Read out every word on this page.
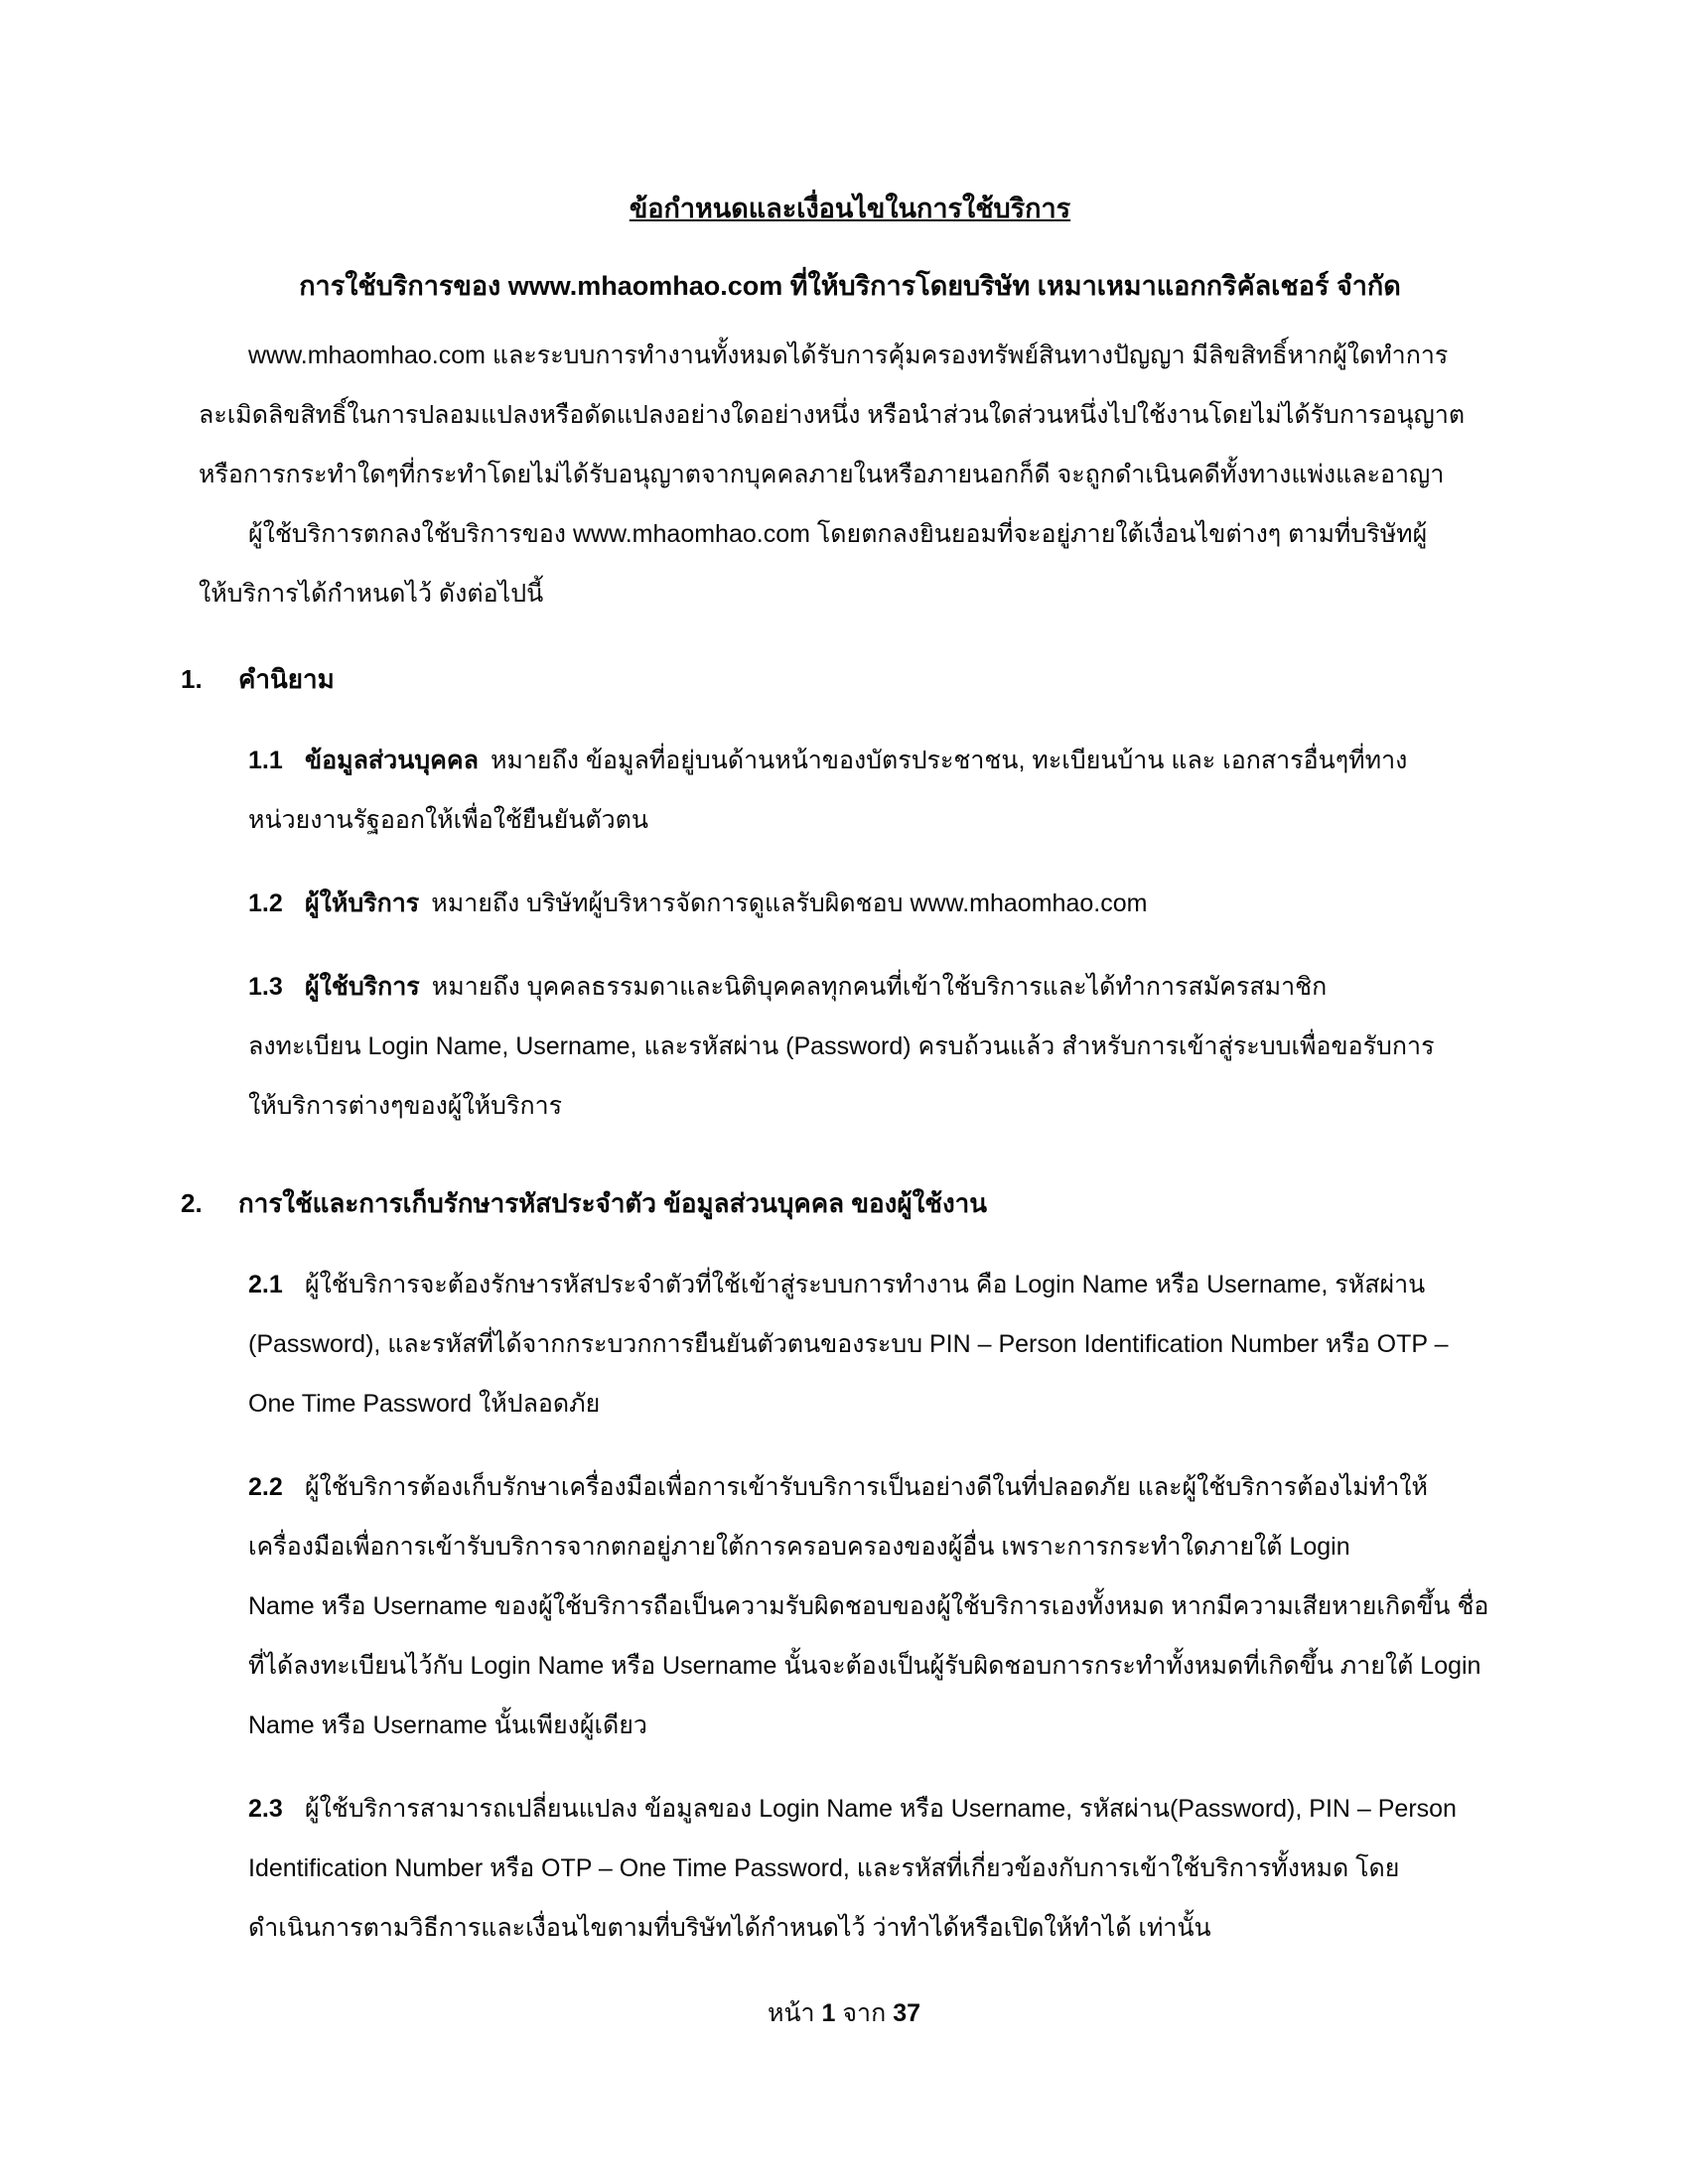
ข้อกำหนดและเงื่อนไขในการใช้บริการ
การใช้บริการของ www.mhaomhao.com ที่ให้บริการโดยบริษัท เหมาเหมาแอกกริคัลเชอร์ จำกัด
www.mhaomhao.com และระบบการทำงานทั้งหมดได้รับการคุ้มครองทรัพย์สินทางปัญญา มีลิขสิทธิ์หากผู้ใดทำการ
ละเมิดลิขสิทธิ์ในการปลอมแปลงหรือดัดแปลงอย่างใดอย่างหนึ่ง หรือนำส่วนใดส่วนหนึ่งไปใช้งานโดยไม่ได้รับการอนุญาต
หรือการกระทำใดๆที่กระทำโดยไม่ได้รับอนุญาตจากบุคคลภายในหรือภายนอกก็ดี จะถูกดำเนินคดีทั้งทางแพ่งและอาญา
ผู้ใช้บริการตกลงใช้บริการของ www.mhaomhao.com โดยตกลงยินยอมที่จะอยู่ภายใต้เงื่อนไขต่างๆ ตามที่บริษัทผู้
ให้บริการได้กำหนดไว้ ดังต่อไปนี้
1. คำนิยาม
1.1 ข้อมูลส่วนบุคคล หมายถึง ข้อมูลที่อยู่บนด้านหน้าของบัตรประชาชน, ทะเบียนบ้าน และ เอกสารอื่นๆที่ทาง
หน่วยงานรัฐออกให้เพื่อใช้ยืนยันตัวตน
1.2 ผู้ให้บริการ หมายถึง บริษัทผู้บริหารจัดการดูแลรับผิดชอบ www.mhaomhao.com
1.3 ผู้ใช้บริการ หมายถึง บุคคลธรรมดาและนิติบุคคลทุกคนที่เข้าใช้บริการและได้ทำการสมัครสมาชิก
ลงทะเบียน Login Name, Username, และรหัสผ่าน (Password) ครบถ้วนแล้ว สำหรับการเข้าสู่ระบบเพื่อขอรับการ
ให้บริการต่างๆของผู้ให้บริการ
2. การใช้และการเก็บรักษารหัสประจำตัว ข้อมูลส่วนบุคคล ของผู้ใช้งาน
2.1 ผู้ใช้บริการจะต้องรักษารหัสประจำตัวที่ใช้เข้าสู่ระบบการทำงาน คือ Login Name หรือ Username, รหัสผ่าน
(Password), และรหัสที่ได้จากกระบวกการยืนยันตัวตนของระบบ PIN – Person Identification Number หรือ OTP –
One Time Password ให้ปลอดภัย
2.2 ผู้ใช้บริการต้องเก็บรักษาเครื่องมือเพื่อการเข้ารับบริการเป็นอย่างดีในที่ปลอดภัย และผู้ใช้บริการต้องไม่ทำให้
เครื่องมือเพื่อการเข้ารับบริการจากตกอยู่ภายใต้การครอบครองของผู้อื่น เพราะการกระทำใดภายใต้ Login
Name หรือ Username ของผู้ใช้บริการถือเป็นความรับผิดชอบของผู้ใช้บริการเองทั้งหมด หากมีความเสียหายเกิดขึ้น ชื่อ
ที่ได้ลงทะเบียนไว้กับ Login Name หรือ Username นั้นจะต้องเป็นผู้รับผิดชอบการกระทำทั้งหมดที่เกิดขึ้น ภายใต้ Login
Name หรือ Username นั้นเพียงผู้เดียว
2.3 ผู้ใช้บริการสามารถเปลี่ยนแปลง ข้อมูลของ Login Name หรือ Username, รหัสผ่าน(Password), PIN – Person
Identification Number หรือ OTP – One Time Password, และรหัสที่เกี่ยวข้องกับการเข้าใช้บริการทั้งหมด โดย
ดำเนินการตามวิธีการและเงื่อนไขตามที่บริษัทได้กำหนดไว้ ว่าทำได้หรือเปิดให้ทำได้ เท่านั้น
หน้า 1 จาก 37
